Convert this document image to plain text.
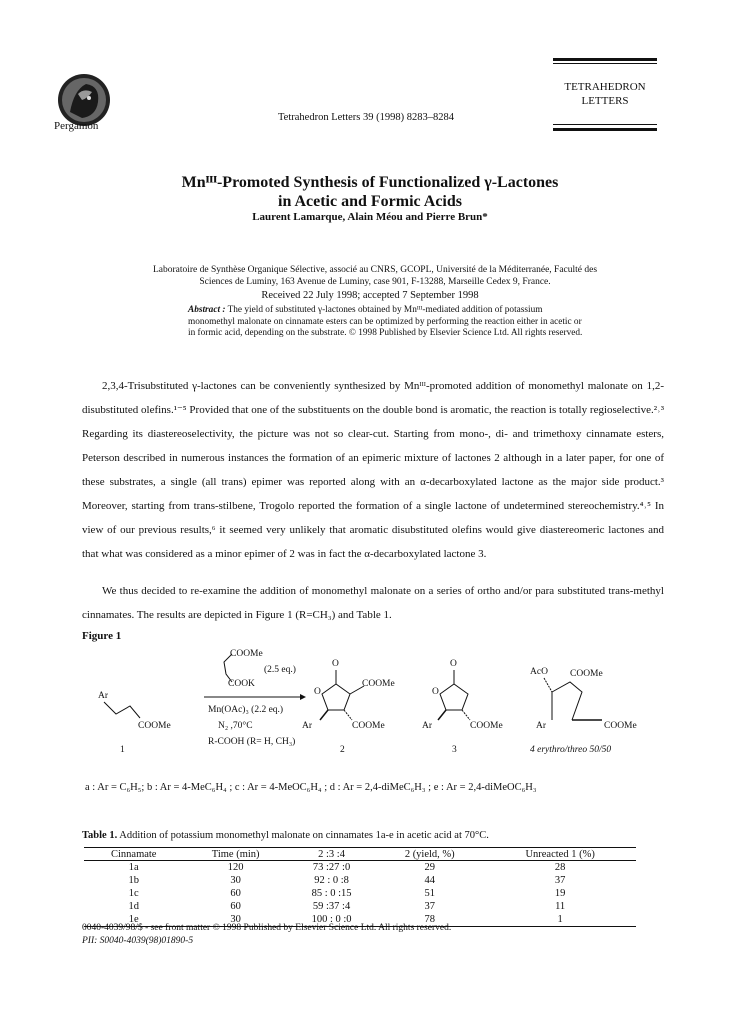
Pergamon
Tetrahedron Letters 39 (1998) 8283–8284
TETRAHEDRON
LETTERS
Mnᴵᴵᴵ-Promoted Synthesis of Functionalized γ-Lactones
in Acetic and Formic Acids
Laurent Lamarque, Alain Méou and Pierre Brun*
Laboratoire de Synthèse Organique Sélective, associé au CNRS, GCOPL, Université de la Méditerranée, Faculté des Sciences de Luminy, 163 Avenue de Luminy, case 901, F-13288, Marseille Cedex 9, France.
Received 22 July 1998; accepted 7 September 1998
Abstract : The yield of substituted γ-lactones obtained by Mnᴵᴵᴵ-mediated addition of potassium monomethyl malonate on cinnamate esters can be optimized by performing the reaction either in acetic or in formic acid, depending on the substrate. © 1998 Published by Elsevier Science Ltd. All rights reserved.
2,3,4-Trisubstituted γ-lactones can be conveniently synthesized by Mnᴵᴵᴵ-promoted addition of monomethyl malonate on 1,2-disubstituted olefins.¹⁻⁵ Provided that one of the substituents on the double bond is aromatic, the reaction is totally regioselective.²˒³ Regarding its diastereoselectivity, the picture was not so clear-cut. Starting from mono-, di- and trimethoxy cinnamate esters, Peterson described in numerous instances the formation of an epimeric mixture of lactones 2 although in a later paper, for one of these substrates, a single (all trans) epimer was reported along with an α-decarboxylated lactone as the major side product.³ Moreover, starting from trans-stilbene, Trogolo reported the formation of a single lactone of undetermined stereochemistry.⁴˒⁵ In view of our previous results,⁶ it seemed very unlikely that aromatic disubstituted olefins would give diastereomeric lactones and that what was considered as a minor epimer of 2 was in fact the α-decarboxylated lactone 3.
We thus decided to re-examine the addition of monomethyl malonate on a series of ortho and/or para substituted trans-methyl cinnamates. The results are depicted in Figure 1 (R=CH₃) and Table 1.
Figure 1
Ar
COOMe
1
COOMe
(2.5 eq.)
COOK
Mn(OAc)₃ (2.2 eq.)
N₂ ,70°C
R-COOH (R= H, CH₃)
O
O
COOMe
COOMe
Ar
2
O
O
COOMe
Ar
3
AcO COOMe
Ar	COOMe
4 erythro/threo 50/50
a : Ar = C₆H₅; b : Ar = 4-MeC₆H₄ ; c : Ar = 4-MeOC₆H₄ ; d : Ar = 2,4-diMeC₆H₃ ; e : Ar = 2,4-diMeOC₆H₃
Table 1. Addition of potassium monomethyl malonate on cinnamates 1a-e in acetic acid at 70°C.
Cinnamate	Time (min)	2 :3 :4	2 (yield, %)	Unreacted 1 (%)
1a	120	73 :27 :0	29	28
1b	30	92 : 0 :8	44	37
1c	60	85 : 0 :15	51	19
1d	60	59 :37 :4	37	11
1e	30	100 : 0 :0	78	1
0040-4039/98/$ - see front matter © 1998 Published by Elsevier Science Ltd. All rights reserved.
PII: S0040-4039(98)01890-5
